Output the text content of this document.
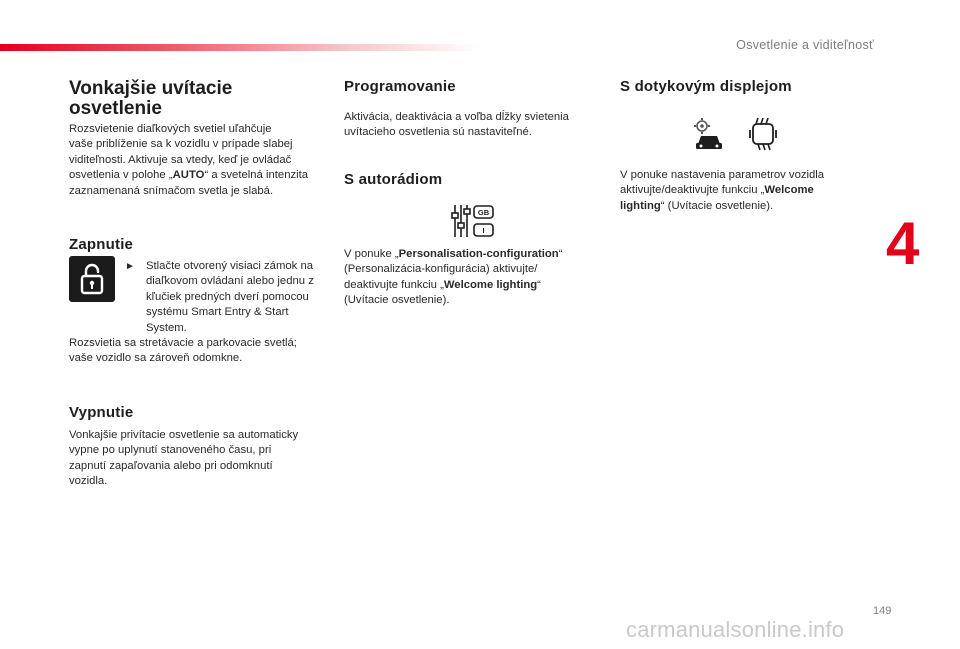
Osvetlenie a viditeľnosť
4
Vonkajšie uvítacie
osvetlenie

Rozsvietenie diaľkových svetiel uľahčuje
vaše priblíženie sa k vozidlu v prípade slabej
viditeľnosti. Aktivuje sa vtedy, keď je ovládač
osvetlenia v polohe „AUTO“ a svetelná intenzita
zaznamenaná snímačom svetla je slabá.

Zapnutie
► Stlačte otvorený visiaci zámok na
diaľkovom ovládaní alebo jednu z
kľučiek predných dverí pomocou
systému Smart Entry & Start
System.

Rozsvietia sa stretávacie a parkovacie svetlá;
vaše vozidlo sa zároveň odomkne.

Vypnutie

Vonkajšie privítacie osvetlenie sa automaticky
vypne po uplynutí stanoveného času, pri
zapnutí zapaľovania alebo pri odomknutí
vozidla.

Programovanie

Aktivácia, deaktivácia a voľba dĺžky svietenia
uvítacieho osvetlenia sú nastaviteľné.

S autorádiom
GB
I

V ponuke „Personalisation-configuration“
(Personalizácia-konfigurácia) aktivujte/
deaktivujte funkciu „Welcome lighting“
(Uvítacie osvetlenie).

S dotykovým displejom

V ponuke nastavenia parametrov vozidla
aktivujte/deaktivujte funkciu „Welcome
lighting“ (Uvítacie osvetlenie).

149
carmanualsonline.info
